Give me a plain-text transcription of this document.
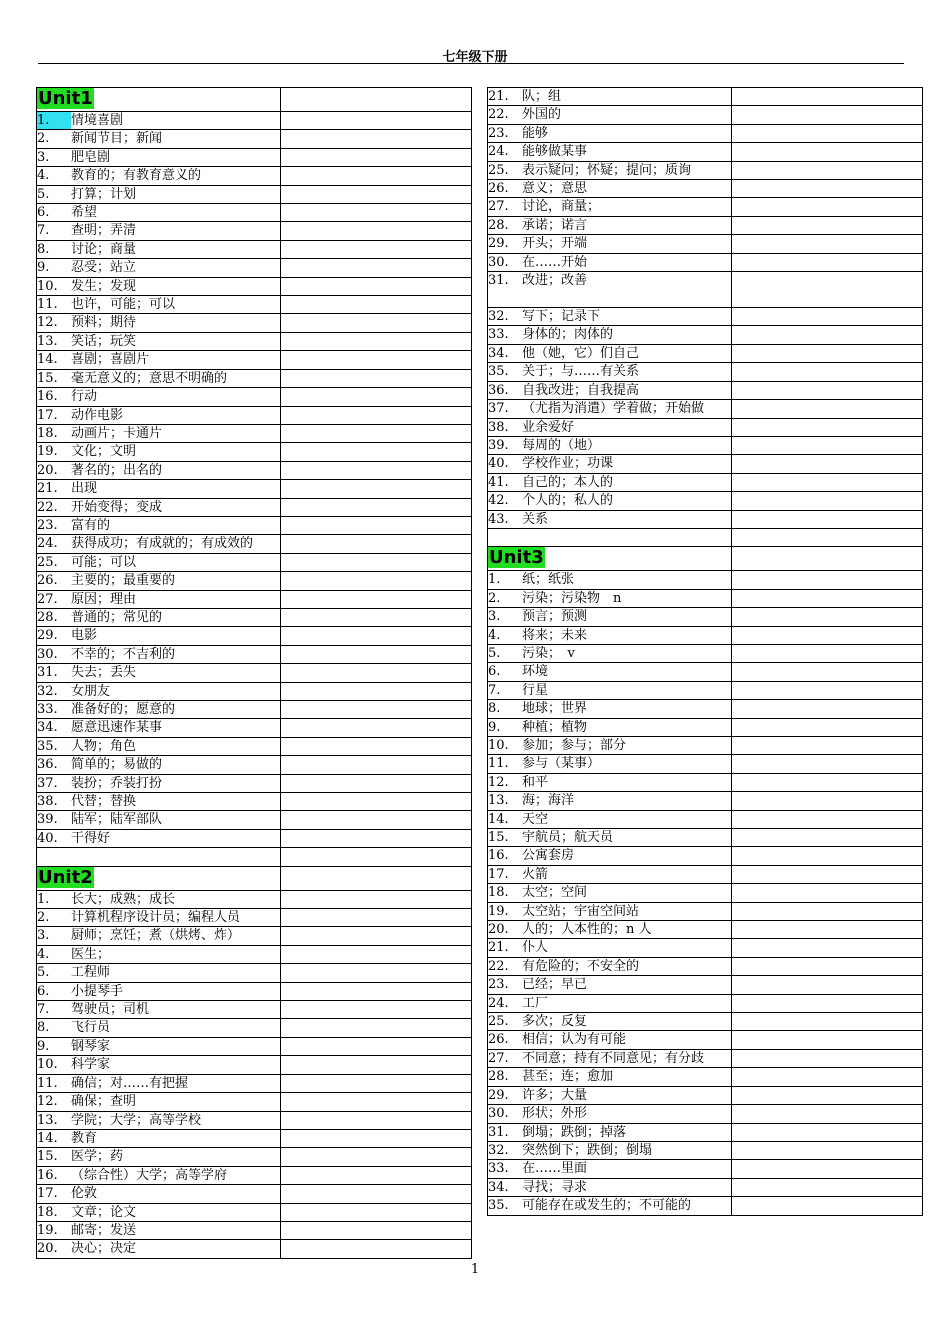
七年级下册
Unit1	
1. 情境喜剧	
2. 新闻节目；新闻	
3. 肥皂剧	
4. 教育的；有教育意义的	
5. 打算；计划	
6. 希望	
7. 查明；弄清	
8. 讨论；商量	
9. 忍受；站立	
10. 发生；发现	
11. 也许，可能；可以	
12. 预料；期待	
13. 笑话；玩笑	
14. 喜剧；喜剧片	
15. 毫无意义的；意思不明确的	
16. 行动	
17. 动作电影	
18. 动画片；卡通片	
19. 文化；文明	
20. 著名的；出名的	
21. 出现	
22. 开始变得；变成	
23. 富有的	
24. 获得成功；有成就的；有成效的	
25. 可能；可以	
26. 主要的；最重要的	
27. 原因；理由	
28. 普通的；常见的	
29. 电影	
30. 不幸的；不吉利的	
31. 失去；丢失	
32. 女朋友	
33. 准备好的；愿意的	
34. 愿意迅速作某事	
35. 人物；角色	
36. 简单的；易做的	
37. 装扮；乔装打扮	
38. 代替；替换	
39. 陆军；陆军部队	
40. 干得好	

Unit2	
1. 长大；成熟；成长	
2. 计算机程序设计员；编程人员	
3. 厨师；烹饪；煮（烘烤、炸）	
4. 医生；	
5. 工程师	
6. 小提琴手	
7. 驾驶员；司机	
8. 飞行员	
9. 钢琴家	
10. 科学家	
11. 确信；对……有把握	
12. 确保；查明	
13. 学院；大学；高等学校	
14. 教育	
15. 医学；药	
16. （综合性）大学；高等学府	
17. 伦敦	
18. 文章；论文	
19. 邮寄；发送	
20. 决心；决定	
21. 队；组	
22. 外国的	
23. 能够	
24. 能够做某事	
25. 表示疑问；怀疑；提问；质询	
26. 意义；意思	
27. 讨论，商量；	
28. 承诺；诺言	
29. 开头；开端	
30. 在……开始	
31. 改进；改善	
32. 写下；记录下	
33. 身体的；肉体的	
34. 他（她，它）们自己	
35. 关于；与……有关系	
36. 自我改进；自我提高	
37. （尤指为消遣）学着做；开始做	
38. 业余爱好	
39. 每周的（地）	
40. 学校作业；功课	
41. 自己的；本人的	
42. 个人的；私人的	
43. 关系	

Unit3	
1. 纸；纸张	
2. 污染；污染物　n	
3. 预言；预测	
4. 将来；未来	
5. 污染；　v	
6. 环境	
7. 行星	
8. 地球；世界	
9. 种植；植物	
10. 参加；参与；部分	
11. 参与（某事）	
12. 和平	
13. 海；海洋	
14. 天空	
15. 宇航员；航天员	
16. 公寓套房	
17. 火箭	
18. 太空；空间	
19. 太空站；宇宙空间站	
20. 人的；人本性的；n 人	
21. 仆人	
22. 有危险的；不安全的	
23. 已经；早已	
24. 工厂	
25. 多次；反复	
26. 相信；认为有可能	
27. 不同意；持有不同意见；有分歧	
28. 甚至；连；愈加	
29. 许多；大量	
30. 形状；外形	
31. 倒塌；跌倒；掉落	
32. 突然倒下；跌倒；倒塌	
33. 在……里面	
34. 寻找；寻求	
35. 可能存在或发生的；不可能的	
1
